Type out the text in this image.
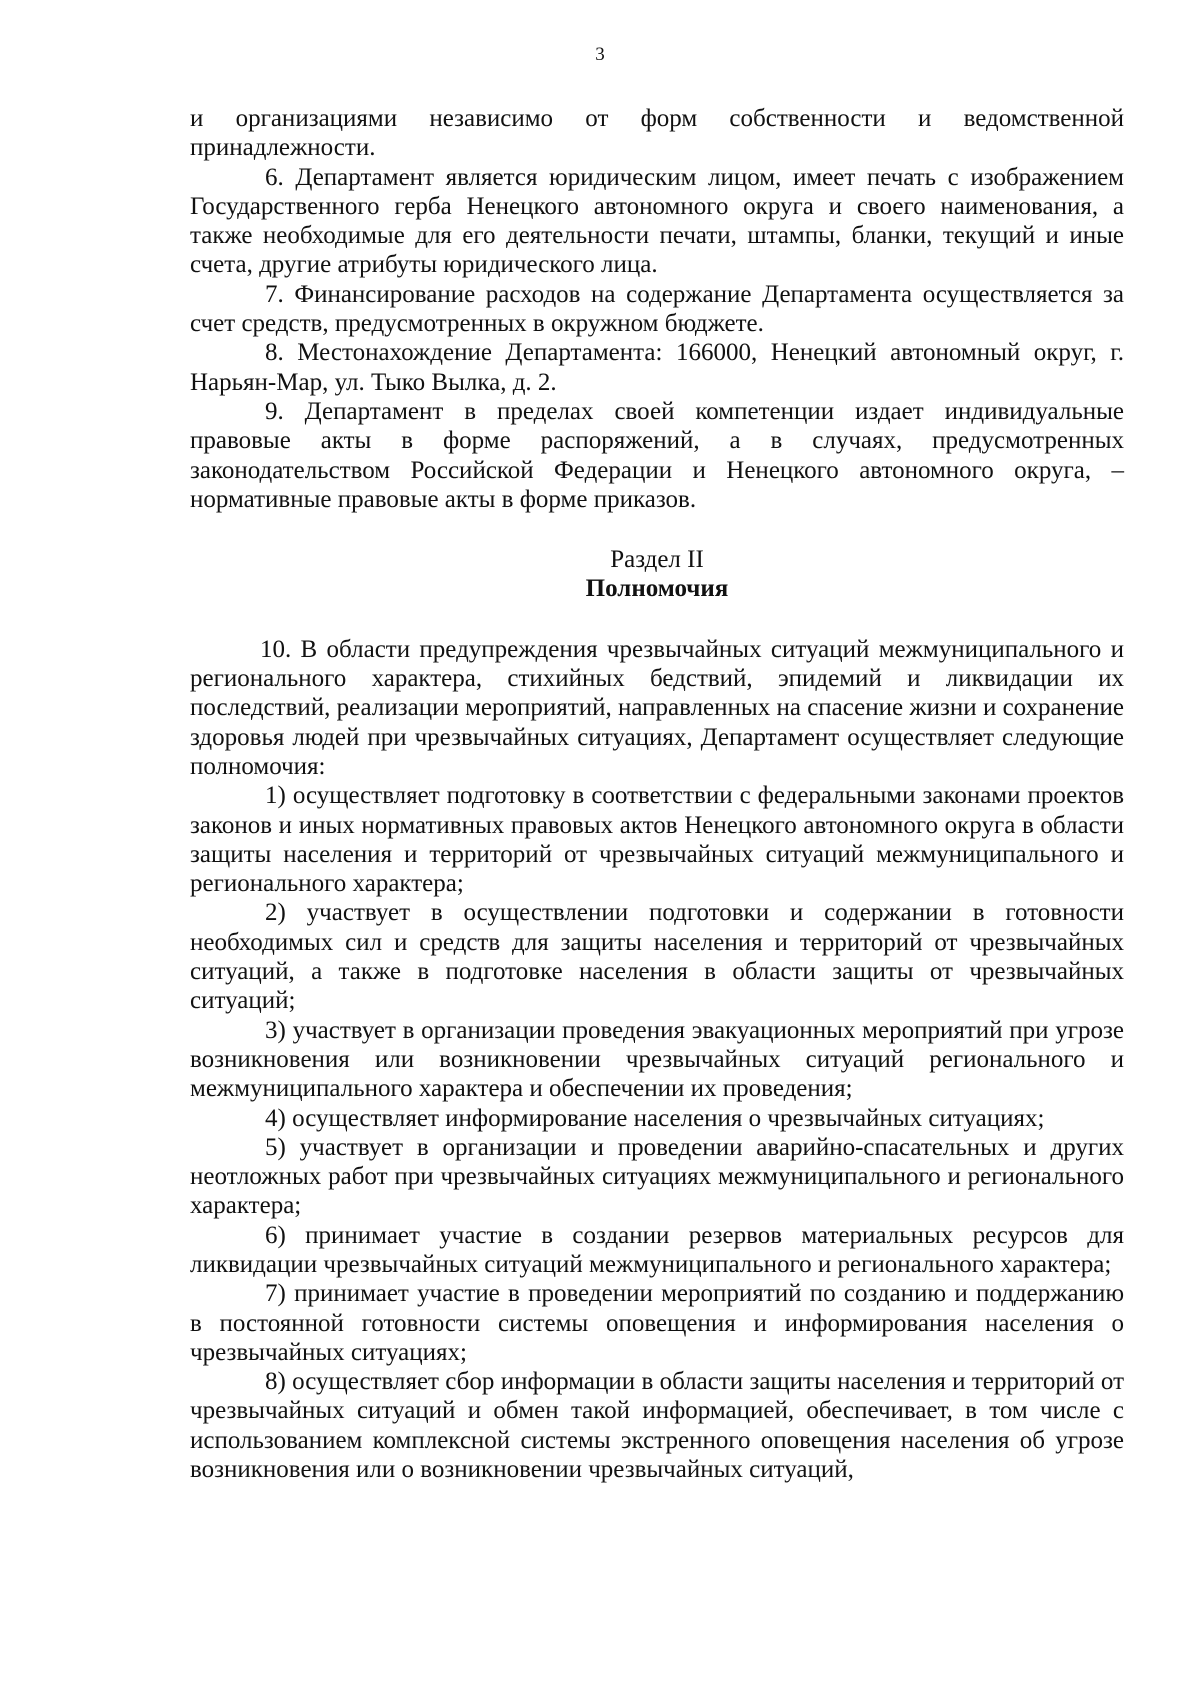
3

и организациями независимо от форм собственности и ведомственной принадлежности.

6. Департамент является юридическим лицом, имеет печать с изображением Государственного герба Ненецкого автономного округа и своего наименования, а также необходимые для его деятельности печати, штампы, бланки, текущий и иные счета, другие атрибуты юридического лица.

7. Финансирование расходов на содержание Департамента осуществляется за счет средств, предусмотренных в окружном бюджете.

8. Местонахождение Департамента: 166000, Ненецкий автономный округ, г. Нарьян-Мар, ул. Тыко Вылка, д. 2.

9. Департамент в пределах своей компетенции издает индивидуальные правовые акты в форме распоряжений, а в случаях, предусмотренных законодательством Российской Федерации и Ненецкого автономного округа, – нормативные правовые акты в форме приказов.

Раздел II
Полномочия

10. В области предупреждения чрезвычайных ситуаций межмуниципального и регионального характера, стихийных бедствий, эпидемий и ликвидации их последствий, реализации мероприятий, направленных на спасение жизни и сохранение здоровья людей при чрезвычайных ситуациях, Департамент осуществляет следующие полномочия:

1) осуществляет подготовку в соответствии с федеральными законами проектов законов и иных нормативных правовых актов Ненецкого автономного округа в области защиты населения и территорий от чрезвычайных ситуаций межмуниципального и регионального характера;

2) участвует в осуществлении подготовки и содержании в готовности необходимых сил и средств для защиты населения и территорий от чрезвычайных ситуаций, а также в подготовке населения в области защиты от чрезвычайных ситуаций;

3) участвует в организации проведения эвакуационных мероприятий при угрозе возникновения или возникновении чрезвычайных ситуаций регионального и межмуниципального характера и обеспечении их проведения;

4) осуществляет информирование населения о чрезвычайных ситуациях;

5) участвует в организации и проведении аварийно-спасательных и других неотложных работ при чрезвычайных ситуациях межмуниципального и регионального характера;

6) принимает участие в создании резервов материальных ресурсов для ликвидации чрезвычайных ситуаций межмуниципального и регионального характера;

7) принимает участие в проведении мероприятий по созданию и поддержанию в постоянной готовности системы оповещения и информирования населения о чрезвычайных ситуациях;

8) осуществляет сбор информации в области защиты населения и территорий от чрезвычайных ситуаций и обмен такой информацией, обеспечивает, в том числе с использованием комплексной системы экстренного оповещения населения об угрозе возникновения или о возникновении чрезвычайных ситуаций,
